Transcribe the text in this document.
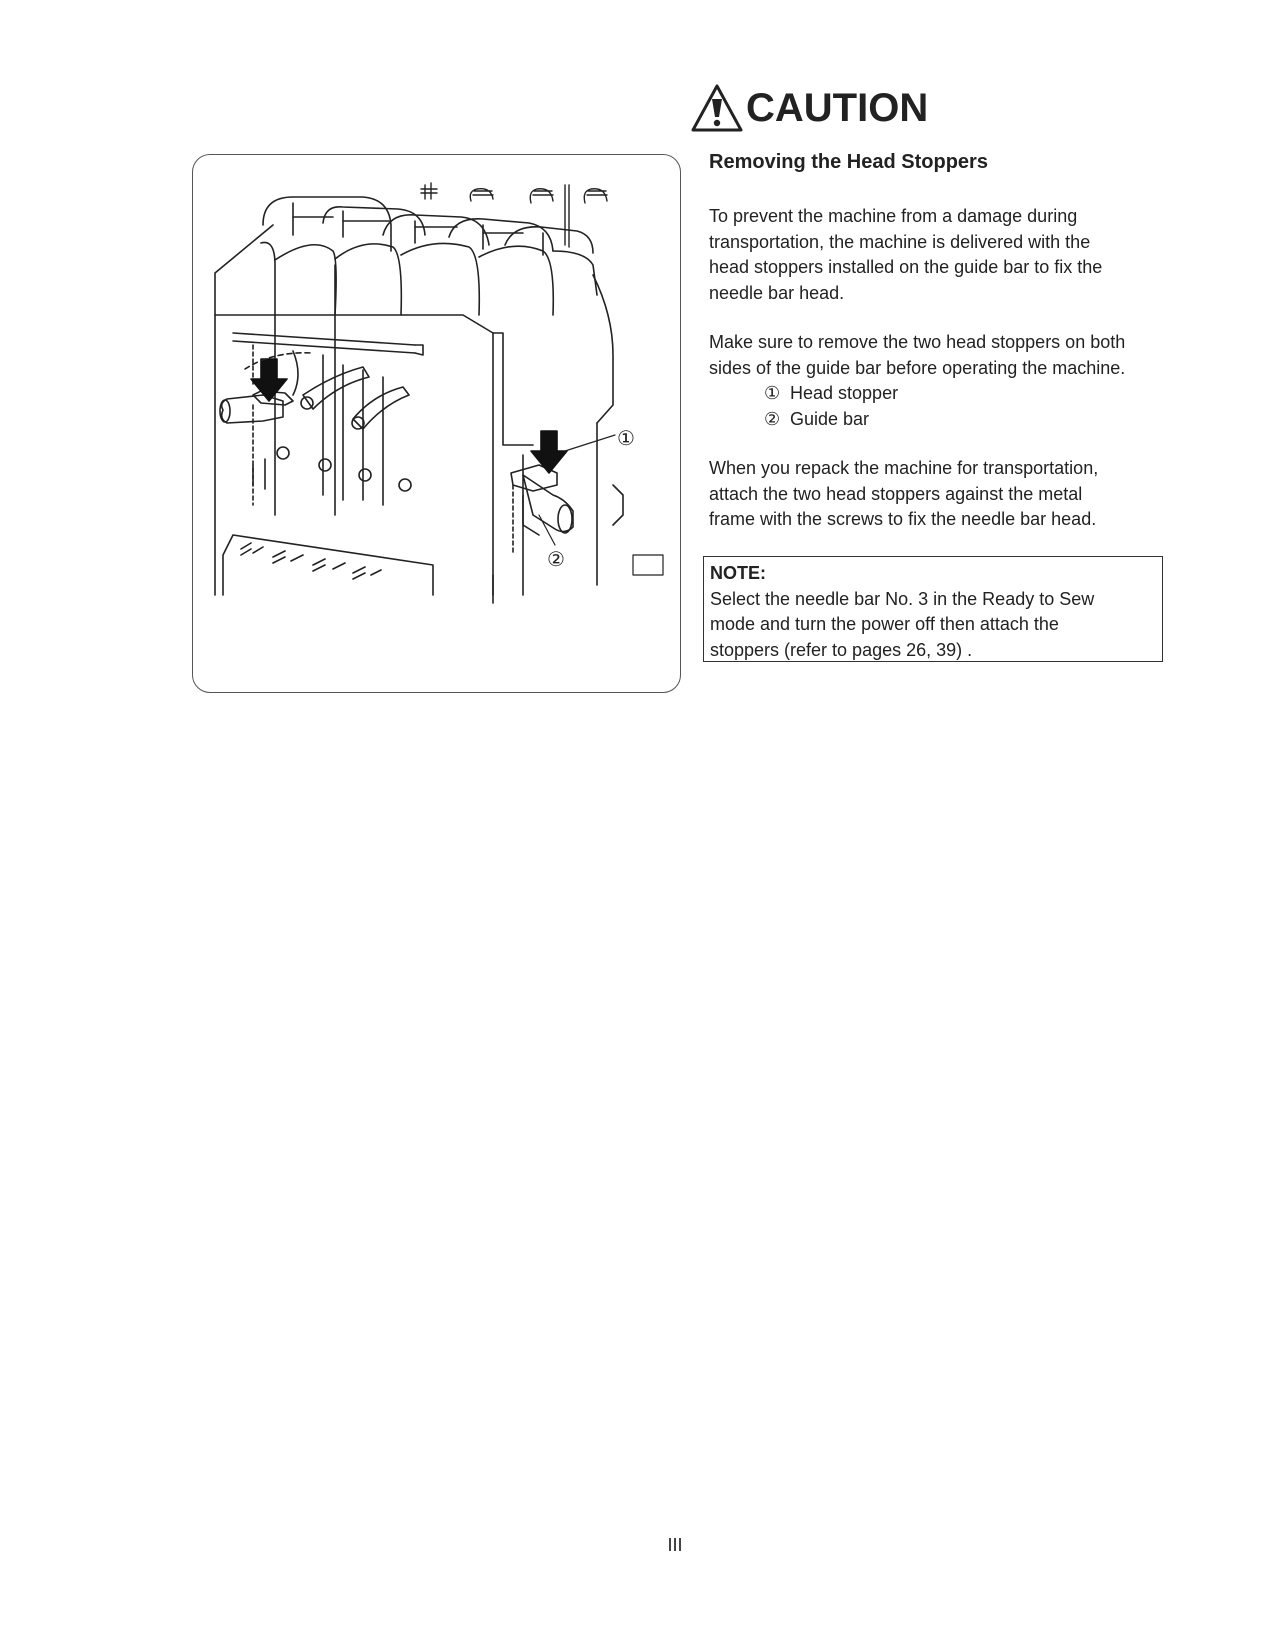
①
②
CAUTION
Removing the Head Stoppers

To prevent the machine from a damage during

transportation, the machine is delivered with the

head stoppers installed on the guide bar to fix the

needle bar head.

Make sure to remove the two head stoppers on both

sides of the guide bar before operating the machine.

① Head stopper
② Guide bar

When you repack the machine for transportation,

attach the two head stoppers against the metal

frame with the screws to fix the needle bar head.

NOTE:
Select the needle bar No. 3 in the Ready to Sew
mode and turn the power off then attach the
stoppers (refer to pages 26, 39) .
III
